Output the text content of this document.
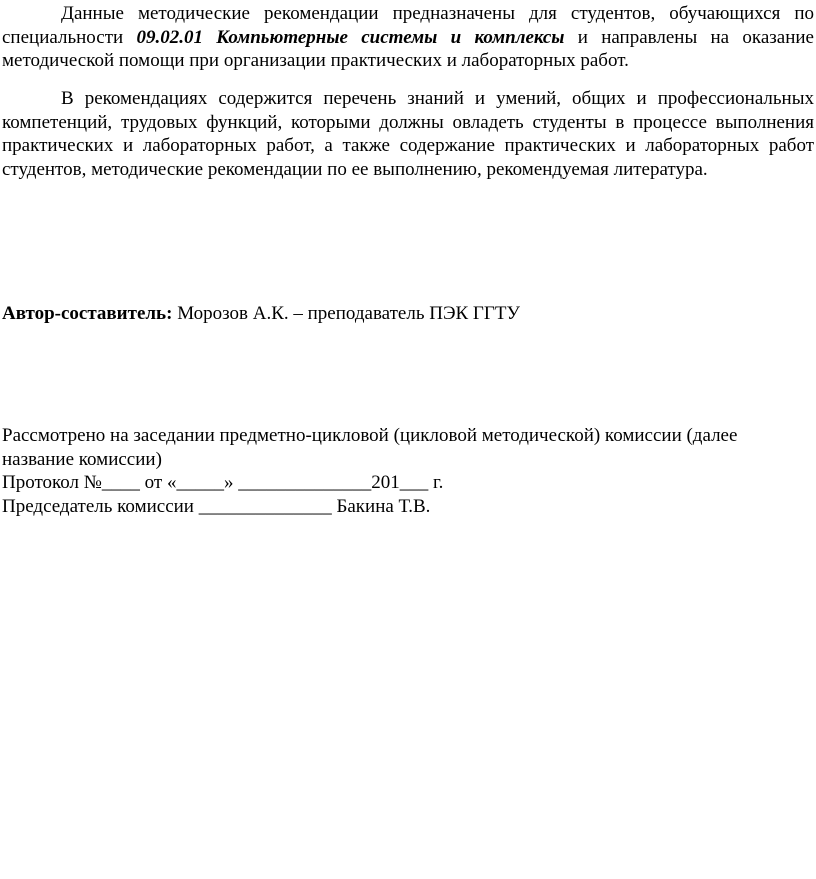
Данные методические рекомендации предназначены для студентов, обучающихся по специальности 09.02.01 Компьютерные системы и комплексы и направлены на оказание методической помощи при организации практических и лабораторных работ.

В рекомендациях содержится перечень знаний и умений, общих и профессиональных компетенций, трудовых функций, которыми должны овладеть студенты в процессе выполнения практических и лабораторных работ, а также содержание практических и лабораторных работ студентов, методические рекомендации по ее выполнению, рекомендуемая литература.

Автор-составитель: Морозов А.К. – преподаватель ПЭК ГГТУ

Рассмотрено на заседании предметно-цикловой (цикловой методической) комиссии (далее название комиссии)
Протокол №____ от «_____» ______________201___ г.
Председатель комиссии ______________ Бакина Т.В.
